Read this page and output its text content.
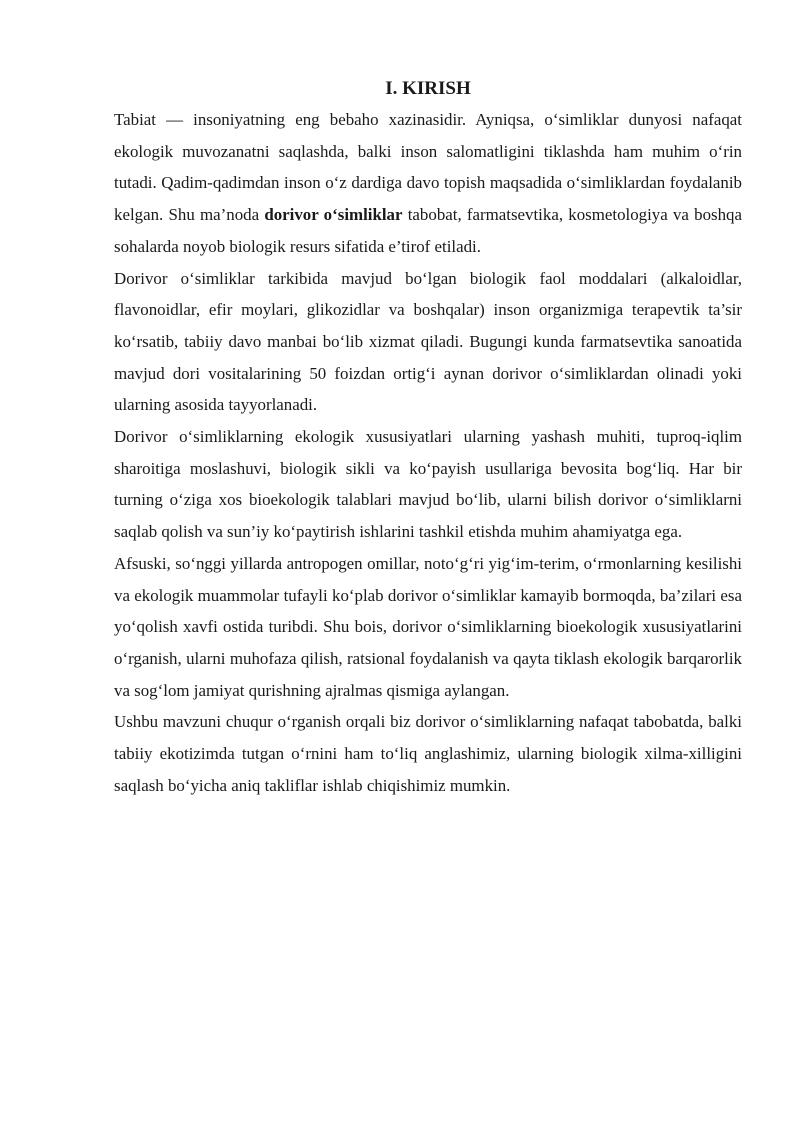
I. KIRISH

Tabiat — insoniyatning eng bebaho xazinasidir. Ayniqsa, o‘simliklar dunyosi nafaqat ekologik muvozanatni saqlashda, balki inson salomatligini tiklashda ham muhim o‘rin tutadi. Qadim-qadimdan inson o‘z dardiga davo topish maqsadida o‘simliklardan foydalanib kelgan. Shu ma’noda dorivor o‘simliklar tabobat, farmatsevtika, kosmetologiya va boshqa sohalarda noyob biologik resurs sifatida e’tirof etiladi.

Dorivor o‘simliklar tarkibida mavjud bo‘lgan biologik faol moddalari (alkaloidlar, flavonoidlar, efir moylari, glikozidlar va boshqalar) inson organizmiga terapevtik ta’sir ko‘rsatib, tabiiy davo manbai bo‘lib xizmat qiladi. Bugungi kunda farmatsevtika sanoatida mavjud dori vositalarining 50 foizdan ortig‘i aynan dorivor o‘simliklardan olinadi yoki ularning asosida tayyorlanadi.

Dorivor o‘simliklarning ekologik xususiyatlari ularning yashash muhiti, tuproq-iqlim sharoitiga moslashuvi, biologik sikli va ko‘payish usullariga bevosita bog‘liq. Har bir turning o‘ziga xos bioekologik talablari mavjud bo‘lib, ularni bilish dorivor o‘simliklarni saqlab qolish va sun’iy ko‘paytirish ishlarini tashkil etishda muhim ahamiyatga ega.

Afsuski, so‘nggi yillarda antropogen omillar, noto‘g‘ri yig‘im-terim, o‘rmonlarning kesilishi va ekologik muammolar tufayli ko‘plab dorivor o‘simliklar kamayib bormoqda, ba’zilari esa yo‘qolish xavfi ostida turibdi. Shu bois, dorivor o‘simliklarning bioekologik xususiyatlarini o‘rganish, ularni muhofaza qilish, ratsional foydalanish va qayta tiklash ekologik barqarorlik va sog‘lom jamiyat qurishning ajralmas qismiga aylangan.

Ushbu mavzuni chuqur o‘rganish orqali biz dorivor o‘simliklarning nafaqat tabobatda, balki tabiiy ekotizimda tutgan o‘rnini ham to‘liq anglashimiz, ularning biologik xilma-xilligini saqlash bo‘yicha aniq takliflar ishlab chiqishimiz mumkin.
